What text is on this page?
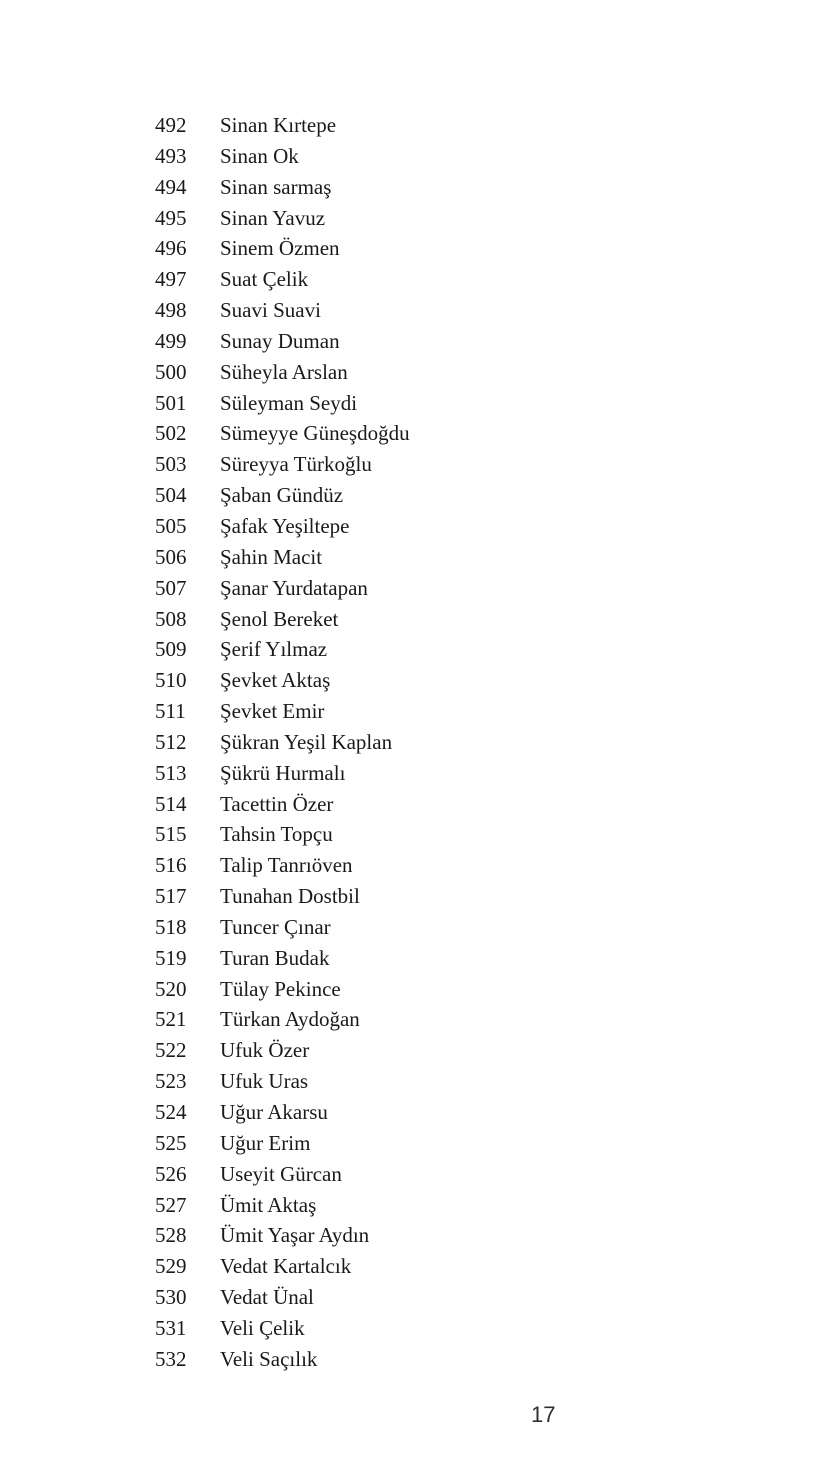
492	Sinan Kırtepe
493	Sinan Ok
494	Sinan sarmaş
495	Sinan Yavuz
496	Sinem Özmen
497	Suat Çelik
498	Suavi Suavi
499	Sunay Duman
500	Süheyla Arslan
501	Süleyman Seydi
502	Sümeyye Güneşdoğdu
503	Süreyya Türkoğlu
504	Şaban Gündüz
505	Şafak Yeşiltepe
506	Şahin Macit
507	Şanar Yurdatapan
508	Şenol Bereket
509	Şerif Yılmaz
510	Şevket Aktaş
511	Şevket Emir
512	Şükran Yeşil Kaplan
513	Şükrü Hurmalı
514	Tacettin Özer
515	Tahsin Topçu
516	Talip Tanrıöven
517	Tunahan Dostbil
518	Tuncer Çınar
519	Turan Budak
520	Tülay Pekince
521	Türkan Aydoğan
522	Ufuk Özer
523	Ufuk Uras
524	Uğur Akarsu
525	Uğur Erim
526	Useyit Gürcan
527	Ümit Aktaş
528	Ümit Yaşar Aydın
529	Vedat Kartalcık
530	Vedat Ünal
531	Veli Çelik
532	Veli Saçılık
17
